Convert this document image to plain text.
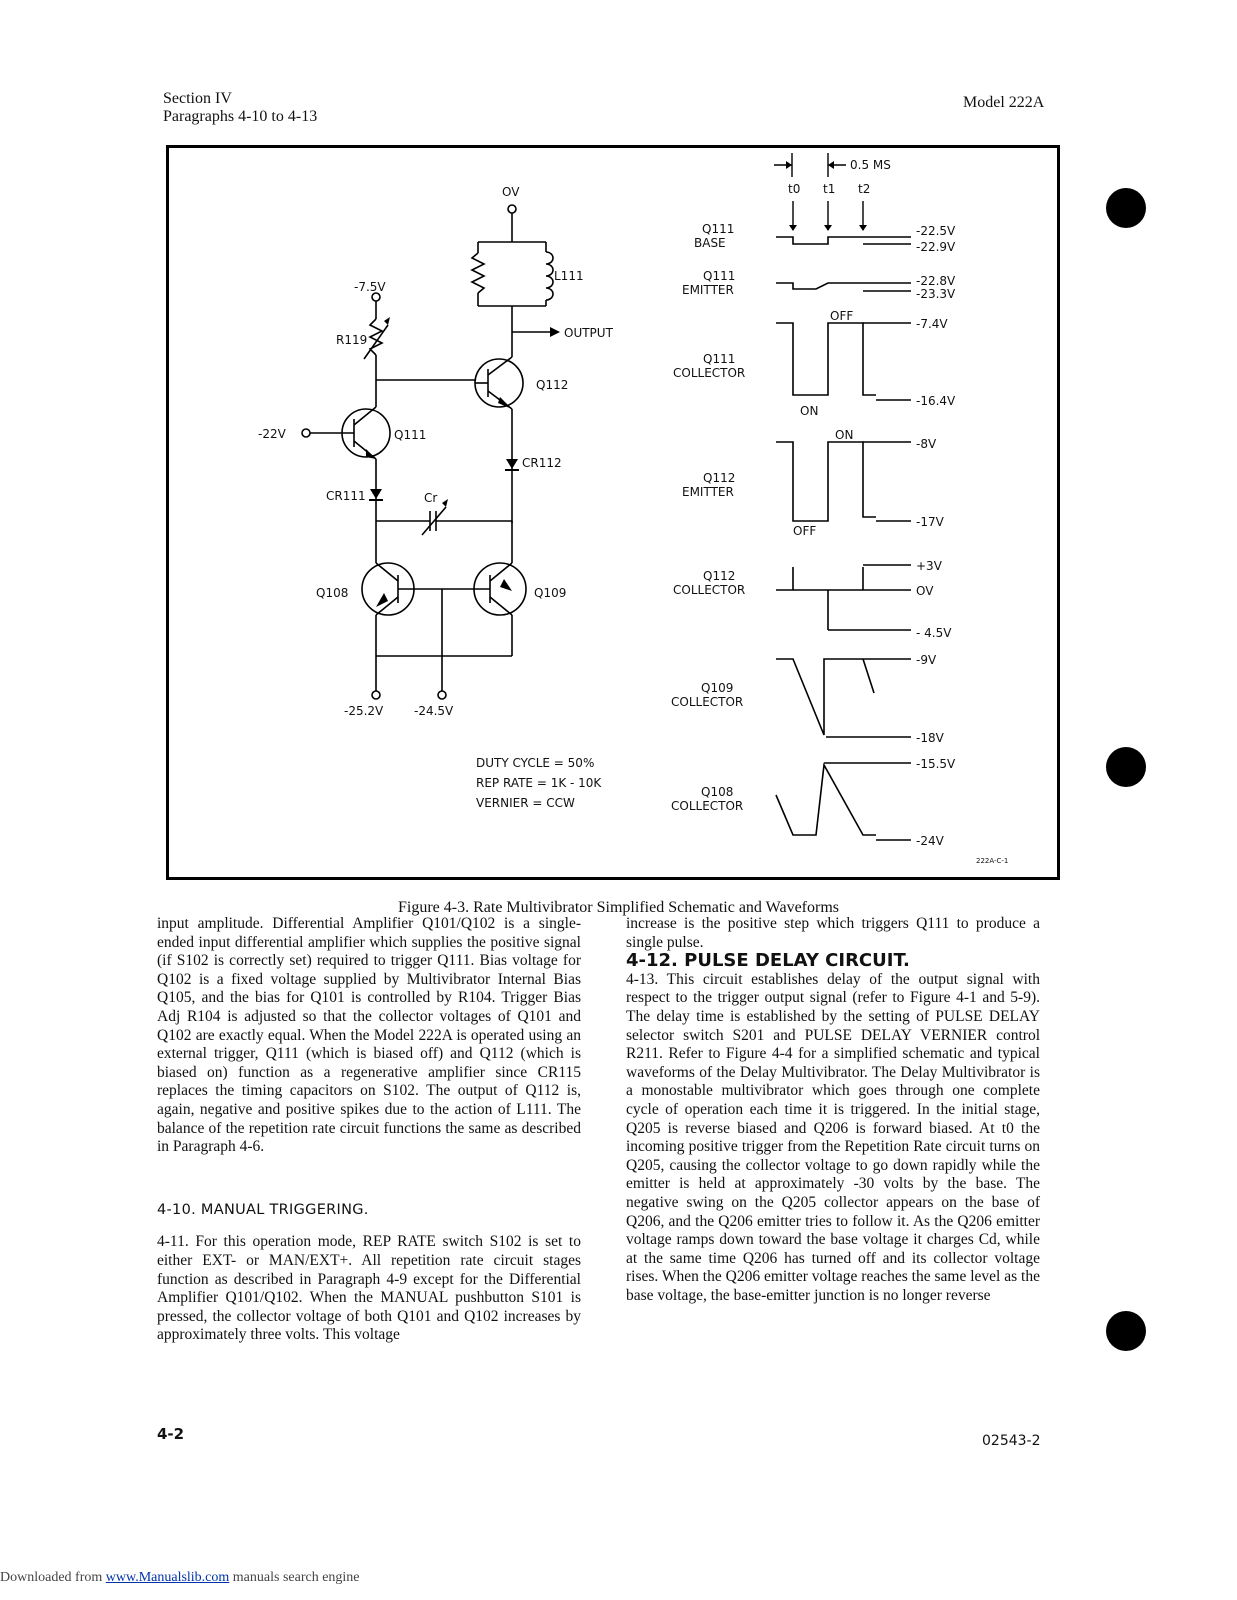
Section IV
Paragraphs 4-10 to 4-13
Model 222A
OV
L111
-7.5V
R119	OUTPUT
Q112
-22V	Q111
CR112
CR111	Cr
Q108	Q109
-25.2V	-24.5V
DUTY CYCLE = 50%
REP RATE = 1K - 10K
VERNIER = CCW
0.5 MS
t0 t1 t2
Q111
BASE
Q111
EMITTER
Q111
COLLECTOR
Q112
EMITTER
Q112
COLLECTOR
Q109
COLLECTOR
Q108
COLLECTOR
-22.5V
-22.9V
-22.8V
-23.3V
-7.4V
-16.4V
OFF
ON
-8V
-17V
ON
OFF
+3V
OV
- 4.5V
-9V
-18V
-15.5V
-24V
222A-C-1
Figure 4-3. Rate Multivibrator Simplified Schematic and Waveforms

input amplitude. Differential Amplifier Q101/Q102 is a single-ended input differential amplifier which supplies the positive signal (if S102 is correctly set) required to trigger Q111. Bias voltage for Q102 is a fixed voltage supplied by Multivibrator Internal Bias Q105, and the bias for Q101 is controlled by R104. Trigger Bias Adj R104 is adjusted so that the collector voltages of Q101 and Q102 are exactly equal. When the Model 222A is operated using an external trigger, Q111 (which is biased off) and Q112 (which is biased on) function as a regenerative amplifier since CR115 replaces the timing capacitors on S102. The output of Q112 is, again, negative and positive spikes due to the action of L111. The balance of the repetition rate circuit functions the same as described in Paragraph 4-6.

4-10. MANUAL TRIGGERING.

4-11. For this operation mode, REP RATE switch S102 is set to either EXT- or MAN/EXT+. All repetition rate circuit stages function as described in Paragraph 4-9 except for the Differential Amplifier Q101/Q102. When the MANUAL pushbutton S101 is pressed, the collector voltage of both Q101 and Q102 increases by approximately three volts. This voltage

increase is the positive step which triggers Q111 to produce a single pulse.

4-12. PULSE DELAY CIRCUIT.

4-13. This circuit establishes delay of the output signal with respect to the trigger output signal (refer to Figure 4-1 and 5-9). The delay time is established by the setting of PULSE DELAY selector switch S201 and PULSE DELAY VERNIER control R211. Refer to Figure 4-4 for a simplified schematic and typical waveforms of the Delay Multivibrator. The Delay Multivibrator is a monostable multivibrator which goes through one complete cycle of operation each time it is triggered. In the initial stage, Q205 is reverse biased and Q206 is forward biased. At t0 the incoming positive trigger from the Repetition Rate circuit turns on Q205, causing the collector voltage to go down rapidly while the emitter is held at approximately -30 volts by the base. The negative swing on the Q205 collector appears on the base of Q206, and the Q206 emitter tries to follow it. As the Q206 emitter voltage ramps down toward the base voltage it charges Cd, while at the same time Q206 has turned off and its collector voltage rises. When the Q206 emitter voltage reaches the same level as the base voltage, the base-emitter junction is no longer reverse

4-2	02543-2
Downloaded from www.Manualslib.com manuals search engine
